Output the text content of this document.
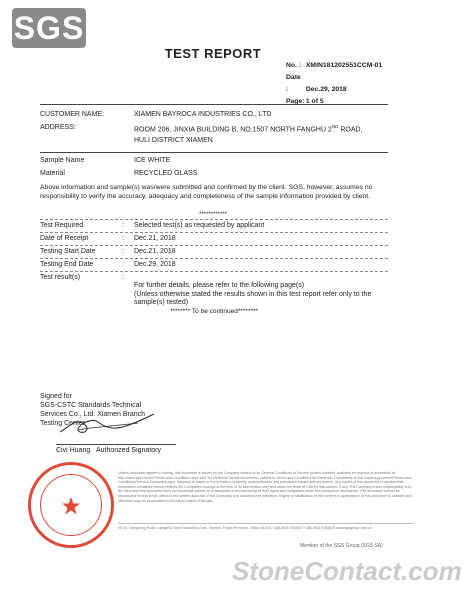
SGS
TEST REPORT
No. : XMIN181202551CCM-01
Date :	Dec.29, 2018
Page: 1 of 5
CUSTOMER NAME:	XIAMEN BAYROCA INDUSTRIES CO., LTD
ADDRESS:	ROOM 206, JINXIA BUILDING B, NO.1507 NORTH FANGHU 2ND ROAD,
HULI DISTRICT XIAMEN
Sample Name	ICE WHITE
Material	RECYCLED GLASS
Above information and sample(s) was/were submitted and confirmed by the client. SGS, however, assumes no responsibility to verify the accuracy, adequacy and completeness of the sample information provided by client.
************
Test Required	: Selected test(s) as requested by applicant
Date of Receipt	: Dec.21, 2018
Testing Start Date	: Dec.21, 2018
Testing End Date	: Dec.29, 2018
Test result(s)	:
For further details, please refer to the following page(s)
(Unless otherwise stated the results shown in this test report refer only to the
sample(s) tested)
******** To be continued********
Signed for
SGS-CSTC Standards Technical
Services Co., Ltd. Xiamen Branch
Testing Center
Civi Huang Authorized Signatory
Unless otherwise agreed in writing, this document is issued by the Company subject to its General Conditions of Service printed overleaf, available on request or accessible at http://www.sgs.com/en/Terms-and-Conditions.aspx and, for electronic format documents, subject to Terms and Conditions for Electronic Documents at http://www.sgs.com/en/Terms-and-Conditions/Terms-e-Document.aspx. Attention is drawn to the limitation of liability, indemnification and jurisdiction issues defined therein. Any holder of this document is advised that information contained hereon reflects the Company's findings at the time of its intervention only and within the limits of Client's instructions, if any. The Company's sole responsibility is to its Client and this document does not exonerate parties to a transaction from exercising all their rights and obligations under the transaction documents. This document cannot be reproduced except in full, without prior written approval of the Company. Any unauthorized alteration, forgery or falsification of the content or appearance of this document is unlawful and offenders may be prosecuted to the fullest extent of the law.
No.31 Xianghong Road, Xiangzhu Torch Industrial Zone, Xiamen, Fujian Province, China 361101 t (86-592) 5765817 f (86-592) 5765819 www.sgsgroup.com.cn
Member of the SGS Group (SGS SA)
StoneContact.com
